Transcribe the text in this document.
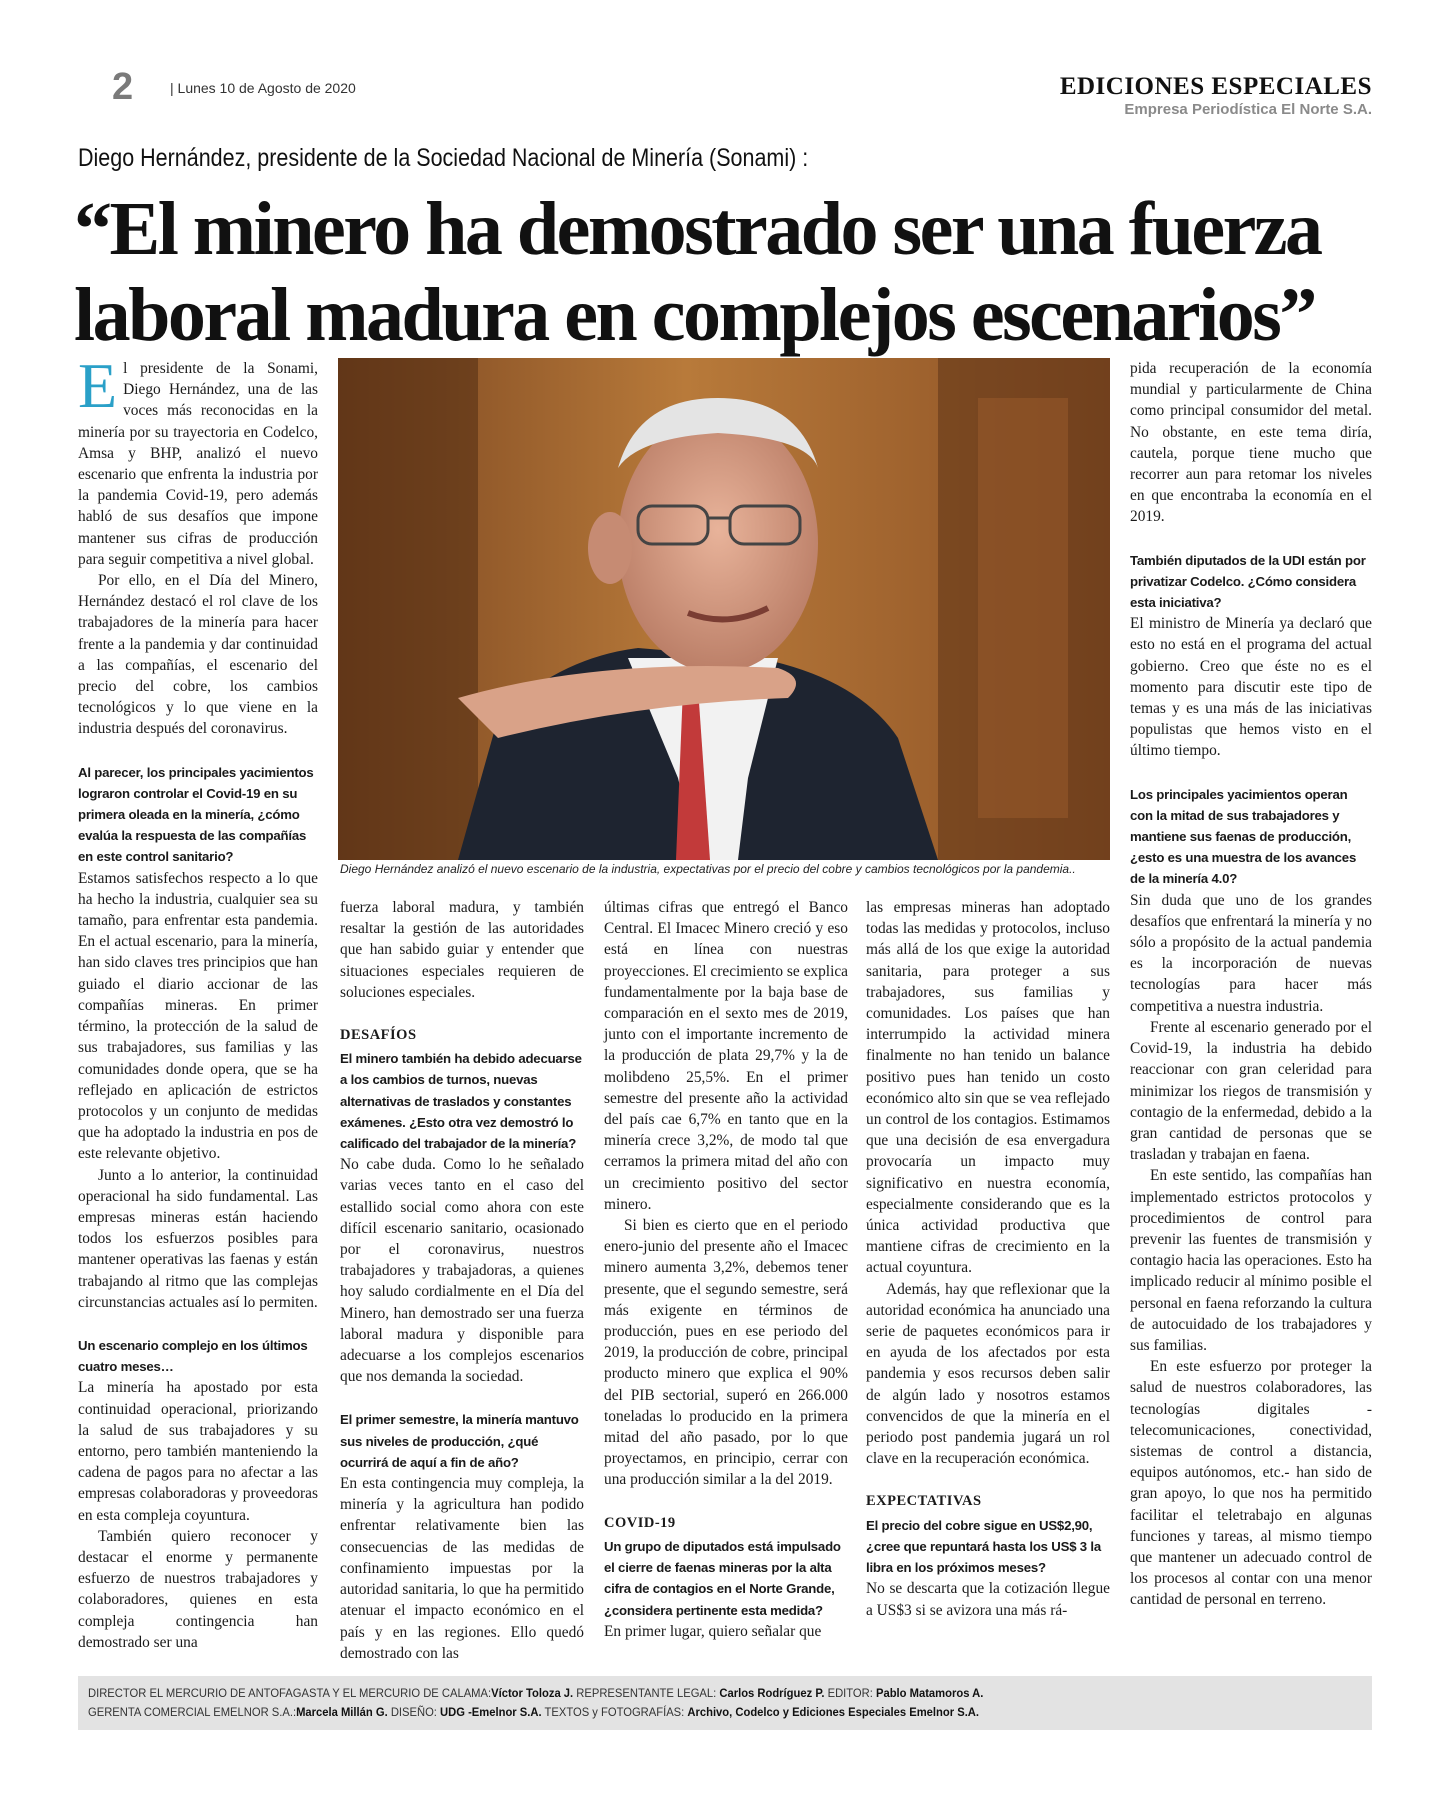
2	| Lunes 10 de Agosto de 2020	EDICIONES ESPECIALES
Empresa Periodística El Norte S.A.
Diego Hernández, presidente de la Sociedad Nacional de Minería (Sonami) :
“El minero ha demostrado ser una fuerza laboral madura en complejos escenarios”

El presidente de la Sonami, Diego Hernández, una de las voces más reconocidas en la minería por su trayectoria en Codelco, Amsa y BHP, analizó el nuevo escenario que enfrenta la industria por la pandemia Covid-19, pero además habló de sus desafíos que impone mantener sus cifras de producción para seguir competitiva a nivel global.

Por ello, en el Día del Minero, Hernández destacó el rol clave de los trabajadores de la minería para hacer frente a la pandemia y dar continuidad a las compañías, el escenario del precio del cobre, los cambios tecnológicos y lo que viene en la industria después del coronavirus.

Al parecer, los principales yacimientos lograron controlar el Covid-19 en su primera oleada en la minería, ¿cómo evalúa la respuesta de las compañías en este control sanitario?

Estamos satisfechos respecto a lo que ha hecho la industria, cualquier sea su tamaño, para enfrentar esta pandemia. En el actual escenario, para la minería, han sido claves tres principios que han guiado el diario accionar de las compañías mineras. En primer término, la protección de la salud de sus trabajadores, sus familias y las comunidades donde opera, que se ha reflejado en aplicación de estrictos protocolos y un conjunto de medidas que ha adoptado la industria en pos de este relevante objetivo.

Junto a lo anterior, la continuidad operacional ha sido fundamental. Las empresas mineras están haciendo todos los esfuerzos posibles para mantener operativas las faenas y están trabajando al ritmo que las complejas circunstancias actuales así lo permiten.

Un escenario complejo en los últimos cuatro meses…

La minería ha apostado por esta continuidad operacional, priorizando la salud de sus trabajadores y su entorno, pero también manteniendo la cadena de pagos para no afectar a las empresas colaboradoras y proveedoras en esta compleja coyuntura.

También quiero reconocer y destacar el enorme y permanente esfuerzo de nuestros trabajadores y colaboradores, quienes en esta compleja contingencia han demostrado ser una

Diego Hernández analizó el nuevo escenario de la industria, expectativas por el precio del cobre y cambios tecnológicos por la pandemia..

fuerza laboral madura, y también resaltar la gestión de las autoridades que han sabido guiar y entender que situaciones especiales requieren de soluciones especiales.

DESAFÍOS

El minero también ha debido adecuarse a los cambios de turnos, nuevas alternativas de traslados y constantes exámenes. ¿Esto otra vez demostró lo calificado del trabajador de la minería?

No cabe duda. Como lo he señalado varias veces tanto en el caso del estallido social como ahora con este difícil escenario sanitario, ocasionado por el coronavirus, nuestros trabajadores y trabajadoras, a quienes hoy saludo cordialmente en el Día del Minero, han demostrado ser una fuerza laboral madura y disponible para adecuarse a los complejos escenarios que nos demanda la sociedad.

El primer semestre, la minería mantuvo sus niveles de producción, ¿qué ocurrirá de aquí a fin de año?

En esta contingencia muy compleja, la minería y la agricultura han podido enfrentar relativamente bien las consecuencias de las medidas de confinamiento impuestas por la autoridad sanitaria, lo que ha permitido atenuar el impacto económico en el país y en las regiones. Ello quedó demostrado con las

últimas cifras que entregó el Banco Central. El Imacec Minero creció y eso está en línea con nuestras proyecciones. El crecimiento se explica fundamentalmente por la baja base de comparación en el sexto mes de 2019, junto con el importante incremento de la producción de plata 29,7% y la de molibdeno 25,5%. En el primer semestre del presente año la actividad del país cae 6,7% en tanto que en la minería crece 3,2%, de modo tal que cerramos la primera mitad del año con un crecimiento positivo del sector minero.

Si bien es cierto que en el periodo enero-junio del presente año el Imacec minero aumenta 3,2%, debemos tener presente, que el segundo semestre, será más exigente en términos de producción, pues en ese periodo del 2019, la producción de cobre, principal producto minero que explica el 90% del PIB sectorial, superó en 266.000 toneladas lo producido en la primera mitad del año pasado, por lo que proyectamos, en principio, cerrar con una producción similar a la del 2019.

COVID-19

Un grupo de diputados está impulsado el cierre de faenas mineras por la alta cifra de contagios en el Norte Grande, ¿considera pertinente esta medida?

En primer lugar, quiero señalar que

las empresas mineras han adoptado todas las medidas y protocolos, incluso más allá de los que exige la autoridad sanitaria, para proteger a sus trabajadores, sus familias y comunidades. Los países que han interrumpido la actividad minera finalmente no han tenido un balance positivo pues han tenido un costo económico alto sin que se vea reflejado un control de los contagios. Estimamos que una decisión de esa envergadura provocaría un impacto muy significativo en nuestra economía, especialmente considerando que es la única actividad productiva que mantiene cifras de crecimiento en la actual coyuntura.

Además, hay que reflexionar que la autoridad económica ha anunciado una serie de paquetes económicos para ir en ayuda de los afectados por esta pandemia y esos recursos deben salir de algún lado y nosotros estamos convencidos de que la minería en el periodo post pandemia jugará un rol clave en la recuperación económica.

EXPECTATIVAS

El precio del cobre sigue en US$2,90, ¿cree que repuntará hasta los US$ 3 la libra en los próximos meses?

No se descarta que la cotización llegue a US$3 si se avizora una más rá-

pida recuperación de la economía mundial y particularmente de China como principal consumidor del metal. No obstante, en este tema diría, cautela, porque tiene mucho que recorrer aun para retomar los niveles en que encontraba la economía en el 2019.

También diputados de la UDI están por privatizar Codelco. ¿Cómo considera esta iniciativa?

El ministro de Minería ya declaró que esto no está en el programa del actual gobierno. Creo que éste no es el momento para discutir este tipo de temas y es una más de las iniciativas populistas que hemos visto en el último tiempo.

Los principales yacimientos operan con la mitad de sus trabajadores y mantiene sus faenas de producción, ¿esto es una muestra de los avances de la minería 4.0?

Sin duda que uno de los grandes desafíos que enfrentará la minería y no sólo a propósito de la actual pandemia es la incorporación de nuevas tecnologías para hacer más competitiva a nuestra industria.

Frente al escenario generado por el Covid-19, la industria ha debido reaccionar con gran celeridad para minimizar los riegos de transmisión y contagio de la enfermedad, debido a la gran cantidad de personas que se trasladan y trabajan en faena.

En este sentido, las compañías han implementado estrictos protocolos y procedimientos de control para prevenir las fuentes de transmisión y contagio hacia las operaciones. Esto ha implicado reducir al mínimo posible el personal en faena reforzando la cultura de autocuidado de los trabajadores y sus familias.

En este esfuerzo por proteger la salud de nuestros colaboradores, las tecnologías digitales -telecomunicaciones, conectividad, sistemas de control a distancia, equipos autónomos, etc.- han sido de gran apoyo, lo que nos ha permitido facilitar el teletrabajo en algunas funciones y tareas, al mismo tiempo que mantener un adecuado control de los procesos al contar con una menor cantidad de personal en terreno.

DIRECTOR EL MERCURIO DE ANTOFAGASTA Y EL MERCURIO DE CALAMA:Víctor Toloza J. REPRESENTANTE LEGAL: Carlos Rodríguez P. EDITOR: Pablo Matamoros A.
GERENTA COMERCIAL EMELNOR S.A.:Marcela Millán G. DISEÑO: UDG -Emelnor S.A. TEXTOS y FOTOGRAFÍAS: Archivo, Codelco y Ediciones Especiales Emelnor S.A.
